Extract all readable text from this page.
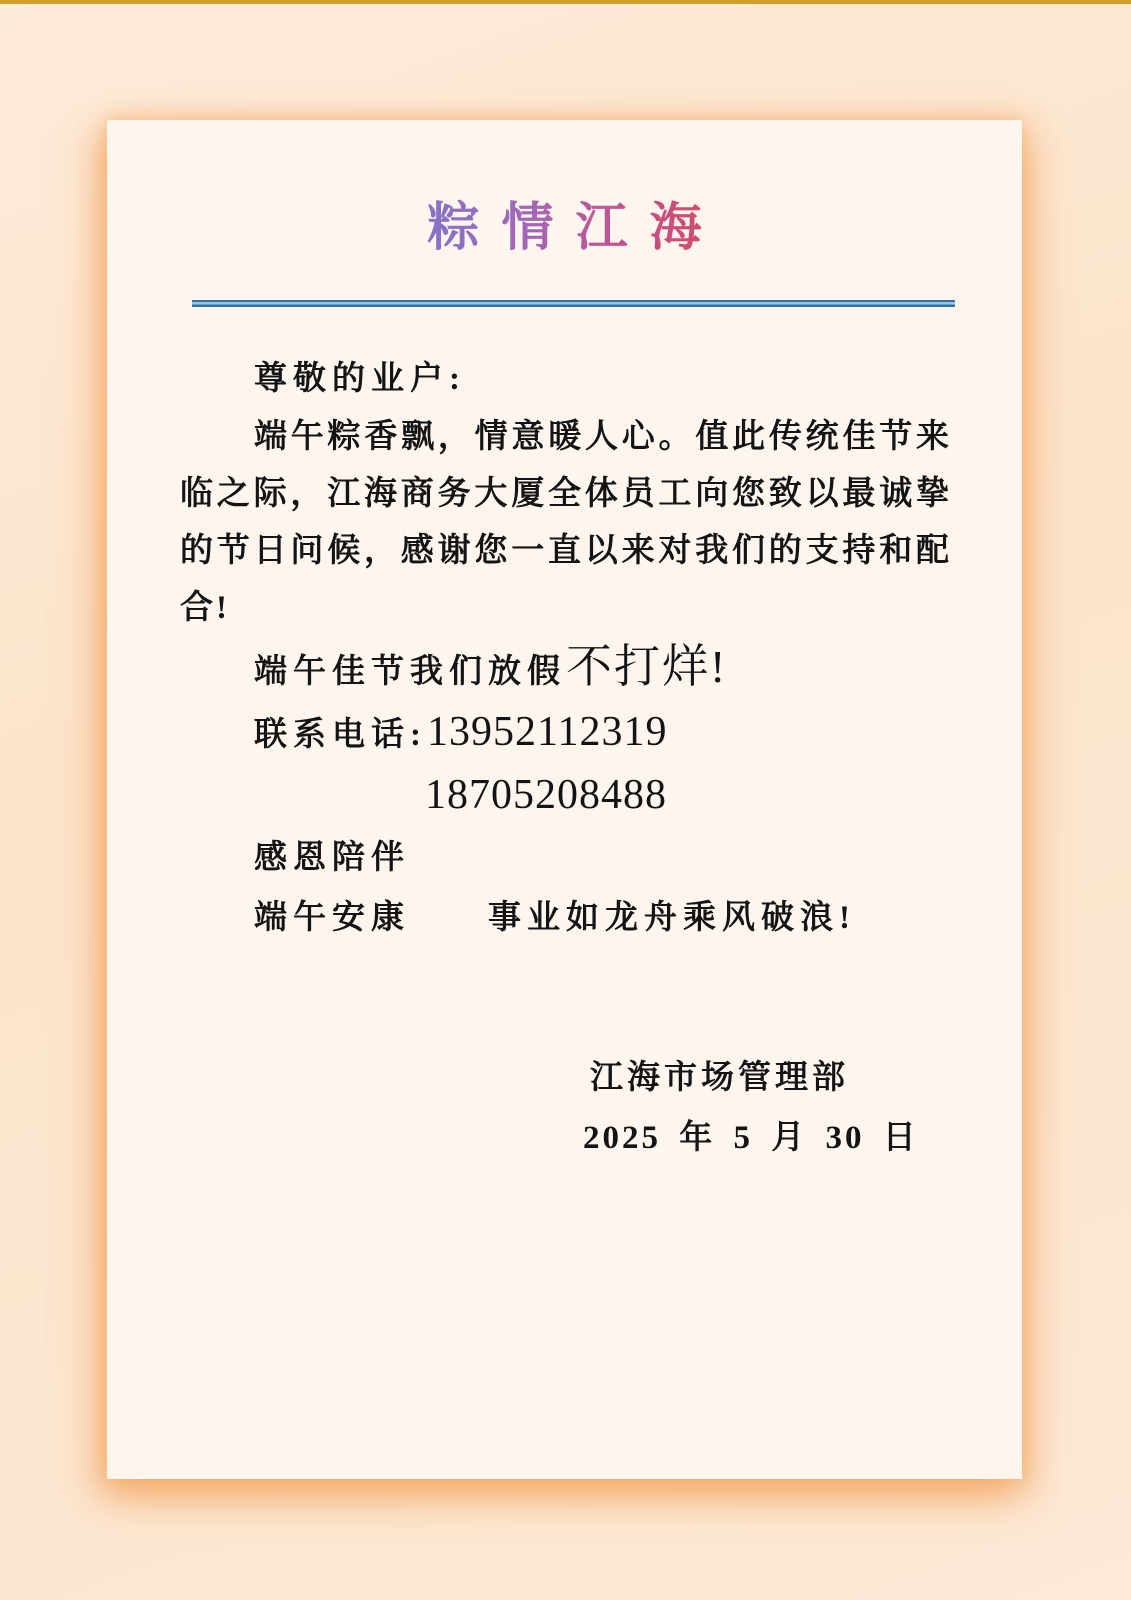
粽情江海

尊敬的业户:

端午粽香飘，情意暖人心。值此传统佳节来临之际，江海商务大厦全体员工向您致以最诚挚的节日问候，感谢您一直以来对我们的支持和配合!

端午佳节我们放假不打烊!

联系电话:13952112319

18705208488

感恩陪伴

端午安康　　事业如龙舟乘风破浪!

江海市场管理部

2025 年 5 月 30 日
